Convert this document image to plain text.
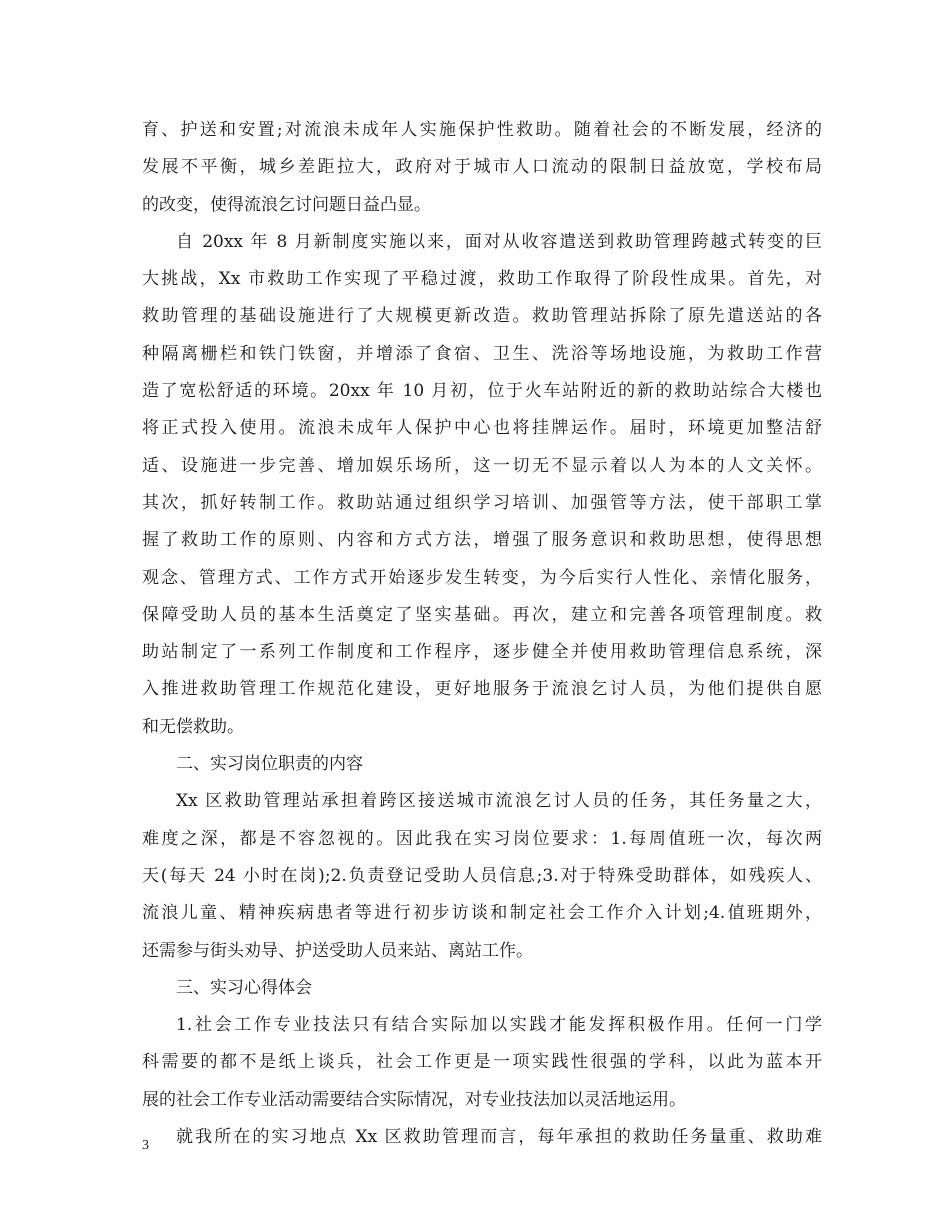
育、护送和安置;对流浪未成年人实施保护性救助。随着社会的不断发展，经济的
发展不平衡，城乡差距拉大，政府对于城市人口流动的限制日益放宽，学校布局
的改变，使得流浪乞讨问题日益凸显。
自 20xx 年 8 月新制度实施以来，面对从收容遣送到救助管理跨越式转变的巨
大挑战，Xx 市救助工作实现了平稳过渡，救助工作取得了阶段性成果。首先，对
救助管理的基础设施进行了大规模更新改造。救助管理站拆除了原先遣送站的各
种隔离栅栏和铁门铁窗，并增添了食宿、卫生、洗浴等场地设施，为救助工作营
造了宽松舒适的环境。20xx 年 10 月初，位于火车站附近的新的救助站综合大楼也
将正式投入使用。流浪未成年人保护中心也将挂牌运作。届时，环境更加整洁舒
适、设施进一步完善、增加娱乐场所，这一切无不显示着以人为本的人文关怀。
其次，抓好转制工作。救助站通过组织学习培训、加强管等方法，使干部职工掌
握了救助工作的原则、内容和方式方法，增强了服务意识和救助思想，使得思想
观念、管理方式、工作方式开始逐步发生转变，为今后实行人性化、亲情化服务，
保障受助人员的基本生活奠定了坚实基础。再次，建立和完善各项管理制度。救
助站制定了一系列工作制度和工作程序，逐步健全并使用救助管理信息系统，深
入推进救助管理工作规范化建设，更好地服务于流浪乞讨人员，为他们提供自愿
和无偿救助。
二、实习岗位职责的内容
Xx 区救助管理站承担着跨区接送城市流浪乞讨人员的任务，其任务量之大，
难度之深，都是不容忽视的。因此我在实习岗位要求：1.每周值班一次，每次两
天(每天 24 小时在岗);2.负责登记受助人员信息;3.对于特殊受助群体，如残疾人、
流浪儿童、精神疾病患者等进行初步访谈和制定社会工作介入计划;4.值班期外，
还需参与街头劝导、护送受助人员来站、离站工作。
三、实习心得体会
1.社会工作专业技法只有结合实际加以实践才能发挥积极作用。任何一门学
科需要的都不是纸上谈兵，社会工作更是一项实践性很强的学科，以此为蓝本开
展的社会工作专业活动需要结合实际情况，对专业技法加以灵活地运用。
就我所在的实习地点 Xx 区救助管理而言，每年承担的救助任务量重、救助难
3
